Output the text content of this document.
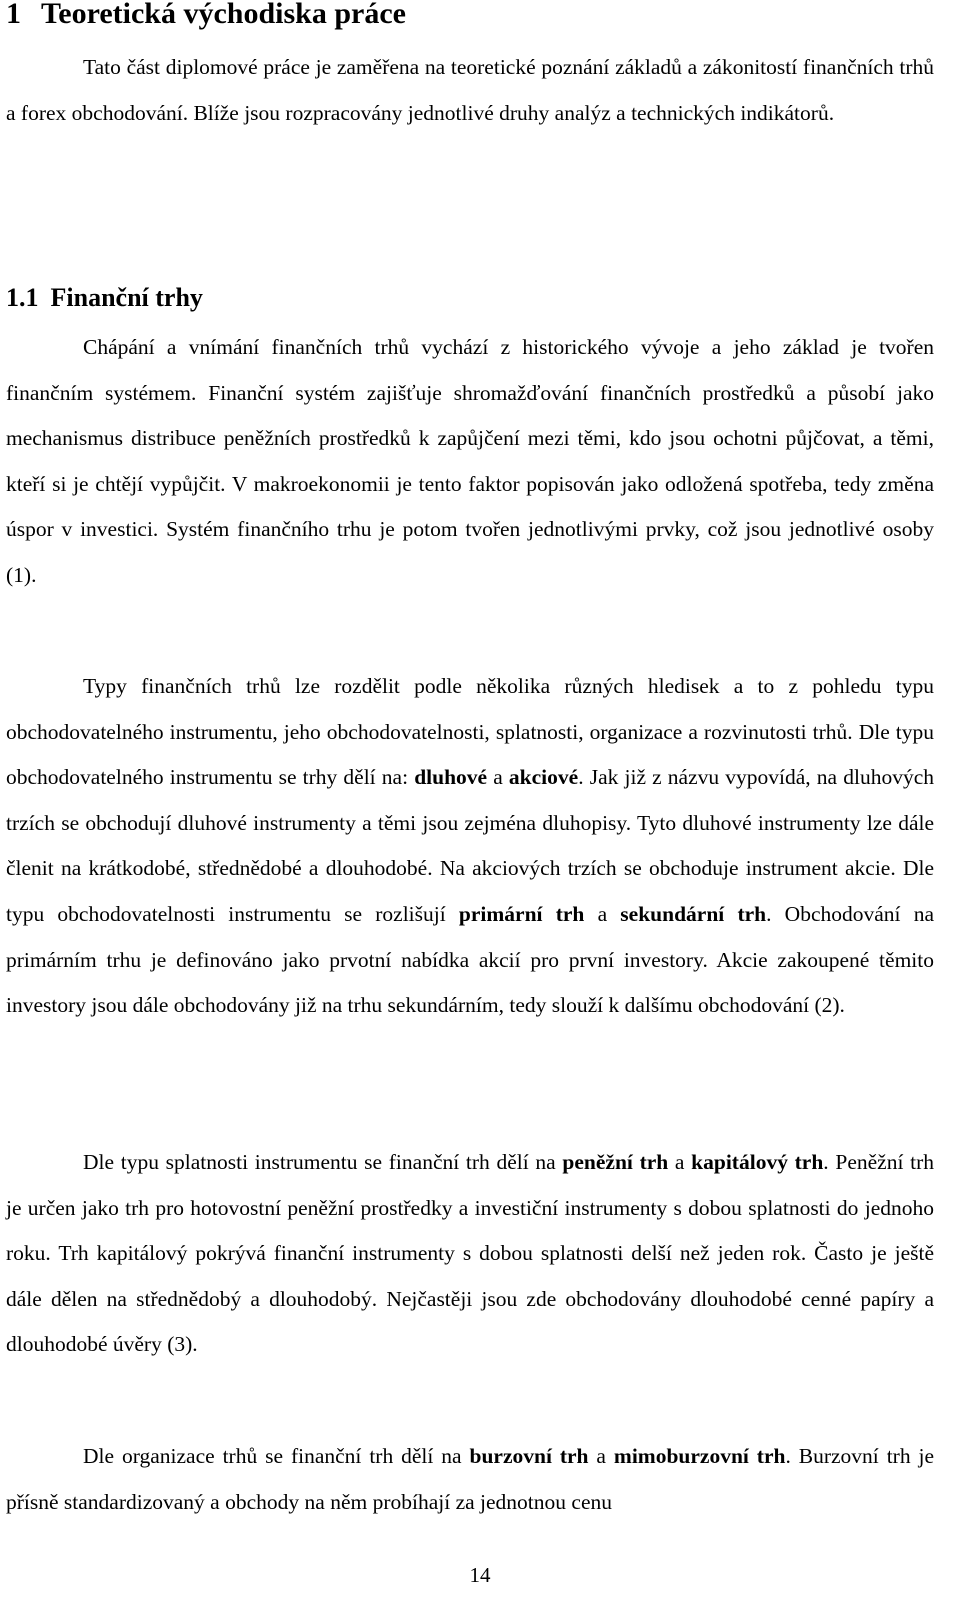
1 Teoretická východiska práce

Tato část diplomové práce je zaměřena na teoretické poznání základů a zákonitostí finančních trhů a forex obchodování. Blíže jsou rozpracovány jednotlivé druhy analýz a technických indikátorů.

1.1 Finanční trhy

Chápání a vnímání finančních trhů vychází z historického vývoje a jeho základ je tvořen finančním systémem. Finanční systém zajišťuje shromažďování finančních prostředků a působí jako mechanismus distribuce peněžních prostředků k zapůjčení mezi těmi, kdo jsou ochotni půjčovat, a těmi, kteří si je chtějí vypůjčit. V makroekonomii je tento faktor popisován jako odložená spotřeba, tedy změna úspor v investici. Systém finančního trhu je potom tvořen jednotlivými prvky, což jsou jednotlivé osoby (1).

Typy finančních trhů lze rozdělit podle několika různých hledisek a to z pohledu typu obchodovatelného instrumentu, jeho obchodovatelnosti, splatnosti, organizace a rozvinutosti trhů. Dle typu obchodovatelného instrumentu se trhy dělí na: dluhové a akciové. Jak již z názvu vypovídá, na dluhových trzích se obchodují dluhové instrumenty a těmi jsou zejména dluhopisy. Tyto dluhové instrumenty lze dále členit na krátkodobé, střednědobé a dlouhodobé. Na akciových trzích se obchoduje instrument akcie. Dle typu obchodovatelnosti instrumentu se rozlišují primární trh a sekundární trh. Obchodování na primárním trhu je definováno jako prvotní nabídka akcií pro první investory. Akcie zakoupené těmito investory jsou dále obchodovány již na trhu sekundárním, tedy slouží k dalšímu obchodování (2).

Dle typu splatnosti instrumentu se finanční trh dělí na peněžní trh a kapitálový trh. Peněžní trh je určen jako trh pro hotovostní peněžní prostředky a investiční instrumenty s dobou splatnosti do jednoho roku. Trh kapitálový pokrývá finanční instrumenty s dobou splatnosti delší než jeden rok. Často je ještě dále dělen na střednědobý a dlouhodobý. Nejčastěji jsou zde obchodovány dlouhodobé cenné papíry a dlouhodobé úvěry (3).

Dle organizace trhů se finanční trh dělí na burzovní trh a mimoburzovní trh. Burzovní trh je přísně standardizovaný a obchody na něm probíhají za jednotnou cenu

14
